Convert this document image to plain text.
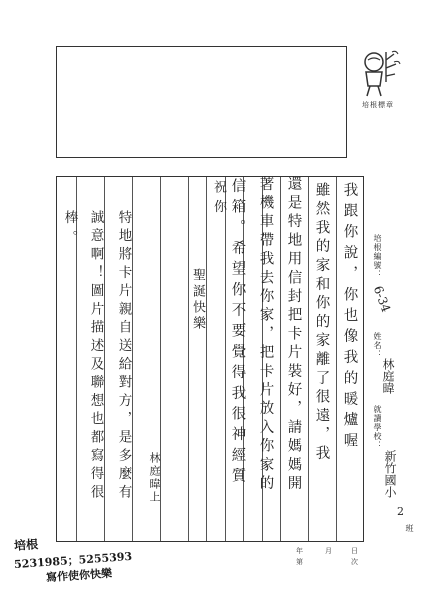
培根標章
培根編號：
6-34
姓名：
林庭暐
就讀學校：
新竹國小
2
班
我跟你說，你也像我的暖爐喔
雖然我的家和你的家離了很遠，我
還是特地用信封把卡片裝好，請媽媽開
著機車帶我去你家，把卡片放入你家的
信箱。希望你不要覺得我很神經質
祝你
聖誕快樂
林庭暐上
特地將卡片親自送給對方，是多麼有
誠意啊！圖片描述及聯想也都寫得很
棒。
年	月	日
第	次
培根
5231985；5255393
寫作使你快樂
